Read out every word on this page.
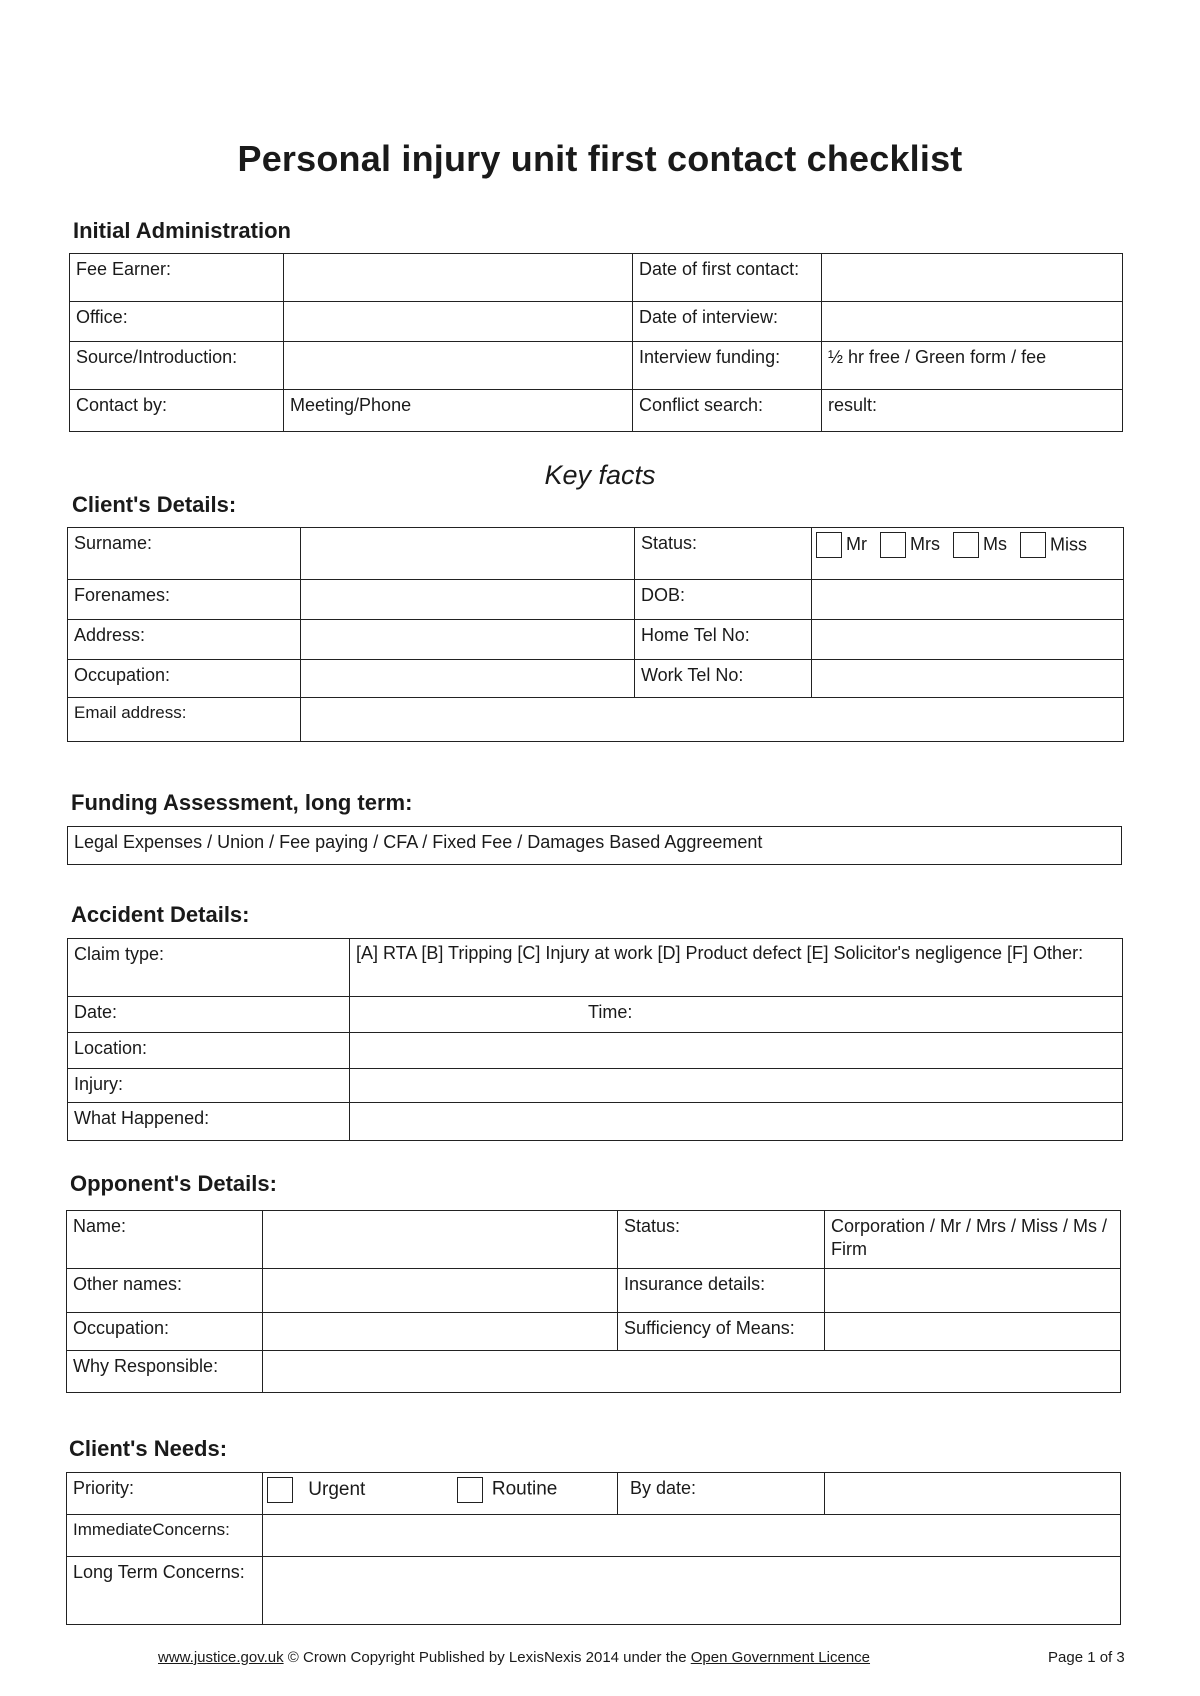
Personal injury unit first contact checklist
Initial Administration
Fee Earner:		Date of first contact:	
Office:		Date of interview:	
Source/Introduction:		Interview funding:	½ hr free / Green form / fee
Contact by:	Meeting/Phone	Conflict search:	result:
Key facts
Client's Details:
Surname:		Status:	Mr Mrs Ms Miss

Forenames:		DOB:	
Address:		Home Tel No:	
Occupation:		Work Tel No:	
Email address:			
Funding Assessment, long term:
Legal Expenses / Union / Fee paying / CFA / Fixed Fee / Damages Based Aggreement
Accident Details:
Claim type:	[A] RTA [B] Tripping [C] Injury at work [D] Product defect [E] Solicitor's negligence [F] Other:
Date:	Time:
Location:	
Injury:	
What Happened:	
Opponent's Details:
Name:		Status:	Corporation / Mr / Mrs / Miss / Ms / Firm
Other names:		Insurance details:	
Occupation:		Sufficiency of Means:	
Why Responsible:			
Client's Needs:
Priority:	Urgent Routine	By date:	
ImmediateConcerns:			
Long Term Concerns:			
www.justice.gov.uk © Crown Copyright Published by LexisNexis 2014 under the Open Government Licence	Page 1 of 3
